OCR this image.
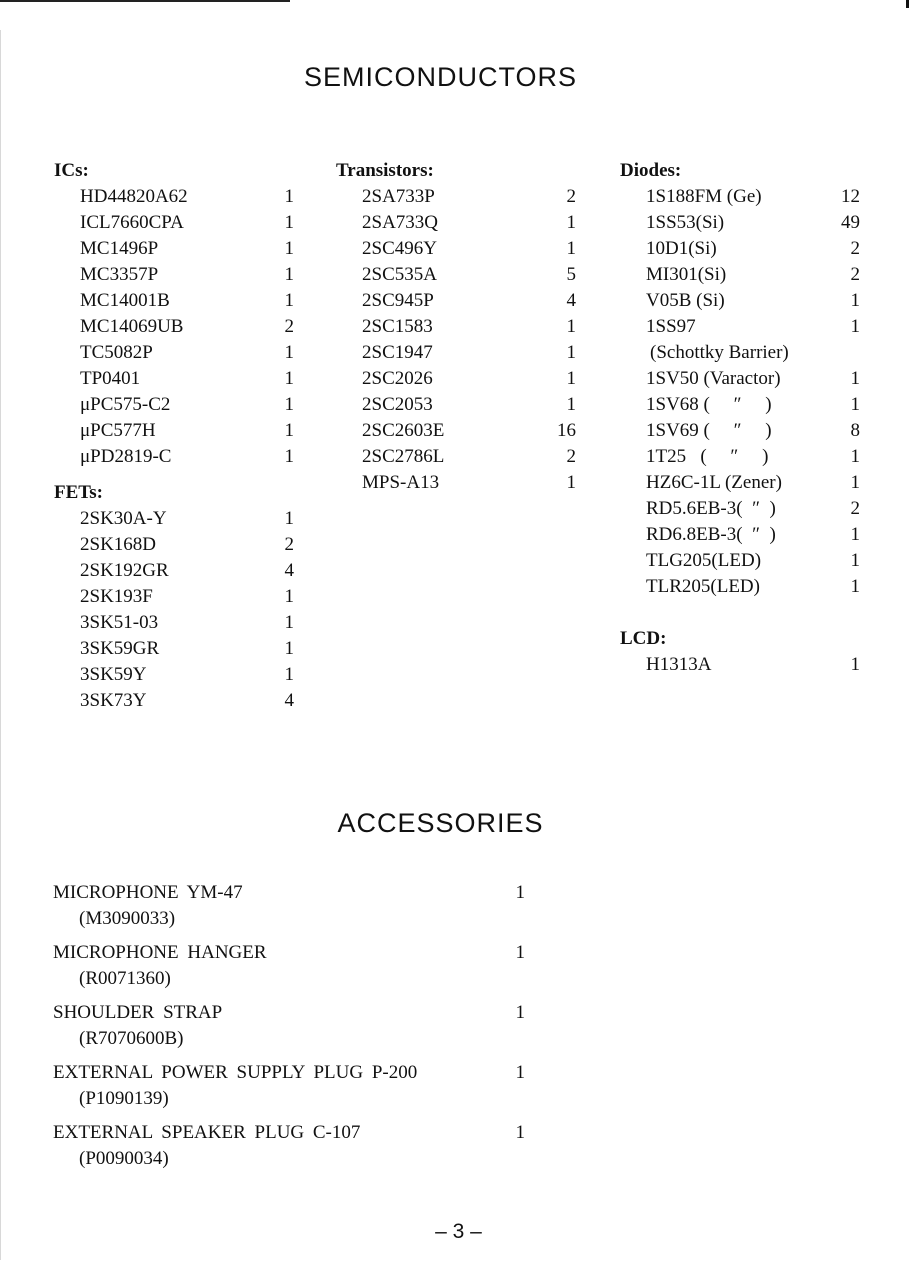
SEMICONDUCTORS
ICs:
HD44820A62	1
ICL7660CPA	1
MC1496P	1
MC3357P	1
MC14001B	1
MC14069UB	2
TC5082P	1
TP0401	1
μPC575-C2	1
μPC577H	1
μPD2819-C	1
FETs:
2SK30A-Y	1
2SK168D	2
2SK192GR	4
2SK193F	1
3SK51-03	1
3SK59GR	1
3SK59Y	1
3SK73Y	4
Transistors:
2SA733P	2
2SA733Q	1
2SC496Y	1
2SC535A	5
2SC945P	4
2SC1583	1
2SC1947	1
2SC2026	1
2SC2053	1
2SC2603E	16
2SC2786L	2
MPS-A13	1
Diodes:
1S188FM (Ge)	12
1SS53(Si)	49
10D1(Si)	2
MI301(Si)	2
V05B (Si)	1
1SS97	1
(Schottky Barrier)
1SV50 (Varactor)	1
1SV68 (     ″     )	1
1SV69 (     ″     )	8
1T25   (     ″     )	1
HZ6C-1L (Zener)	1
RD5.6EB-3(  ″  )	2
RD6.8EB-3(  ″  )	1
TLG205(LED)	1
TLR205(LED)	1
LCD:
H1313A	1
ACCESSORIES
MICROPHONE YM-47	1
(M3090033)
MICROPHONE HANGER	1
(R0071360)
SHOULDER STRAP	1
(R7070600B)
EXTERNAL POWER SUPPLY PLUG P-200	1
(P1090139)
EXTERNAL SPEAKER PLUG C-107	1
(P0090034)
– 3 –
